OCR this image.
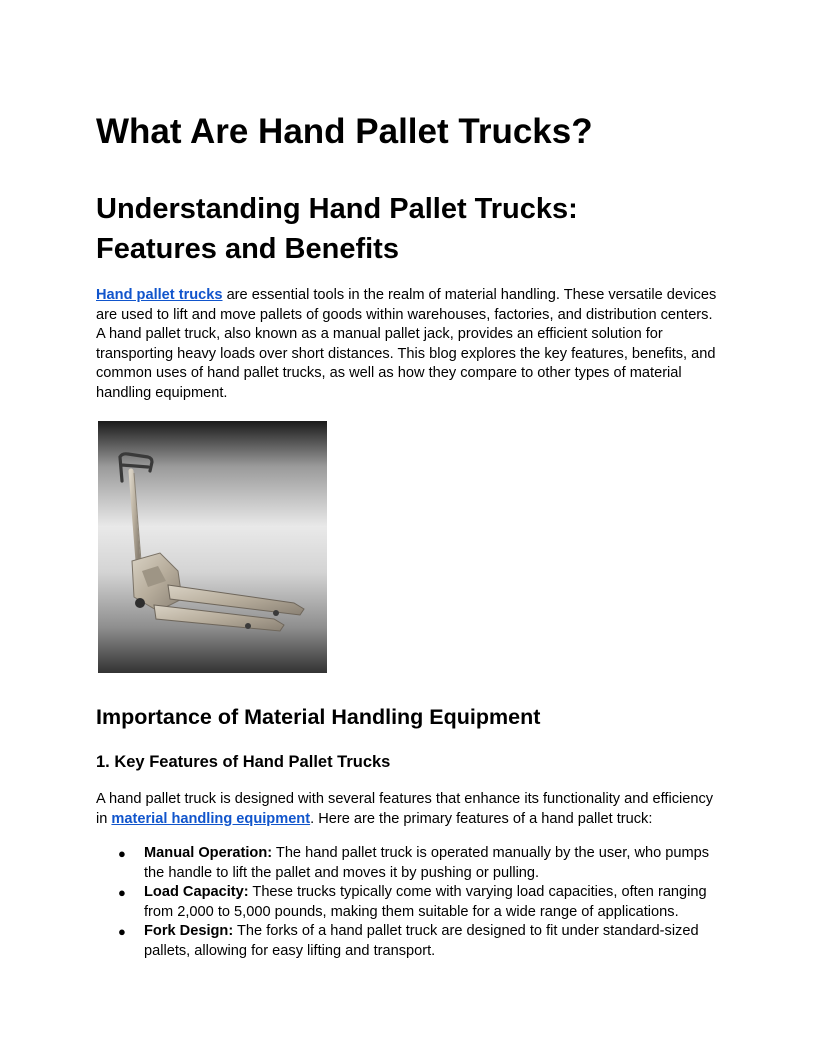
What Are Hand Pallet Trucks?
Understanding Hand Pallet Trucks: Features and Benefits

Hand pallet trucks are essential tools in the realm of material handling. These versatile devices are used to lift and move pallets of goods within warehouses, factories, and distribution centers. A hand pallet truck, also known as a manual pallet jack, provides an efficient solution for transporting heavy loads over short distances. This blog explores the key features, benefits, and common uses of hand pallet trucks, as well as how they compare to other types of material handling equipment.

Importance of Material Handling Equipment
1. Key Features of Hand Pallet Trucks

A hand pallet truck is designed with several features that enhance its functionality and efficiency in material handling equipment. Here are the primary features of a hand pallet truck:

● Manual Operation: The hand pallet truck is operated manually by the user, who pumps the handle to lift the pallet and moves it by pushing or pulling.
● Load Capacity: These trucks typically come with varying load capacities, often ranging from 2,000 to 5,000 pounds, making them suitable for a wide range of applications.
● Fork Design: The forks of a hand pallet truck are designed to fit under standard-sized pallets, allowing for easy lifting and transport.
